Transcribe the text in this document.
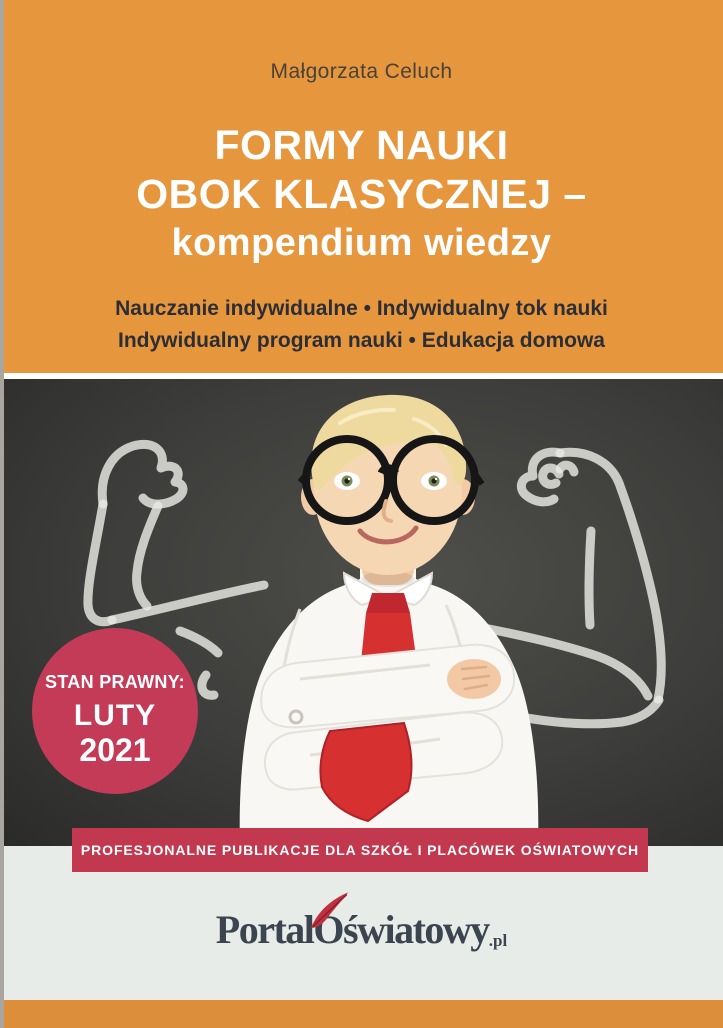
Małgorzata Celuch
FORMY NAUKI
OBOK KLASYCZNEJ –
kompendium wiedzy
Nauczanie indywidualne • Indywidualny tok nauki
Indywidualny program nauki • Edukacja domowa
STAN PRAWNY:
LUTY
2021
PROFESJONALNE PUBLIKACJE DLA SZKÓŁ I PLACÓWEK OŚWIATOWYCH
PortalO
światowy.pl
